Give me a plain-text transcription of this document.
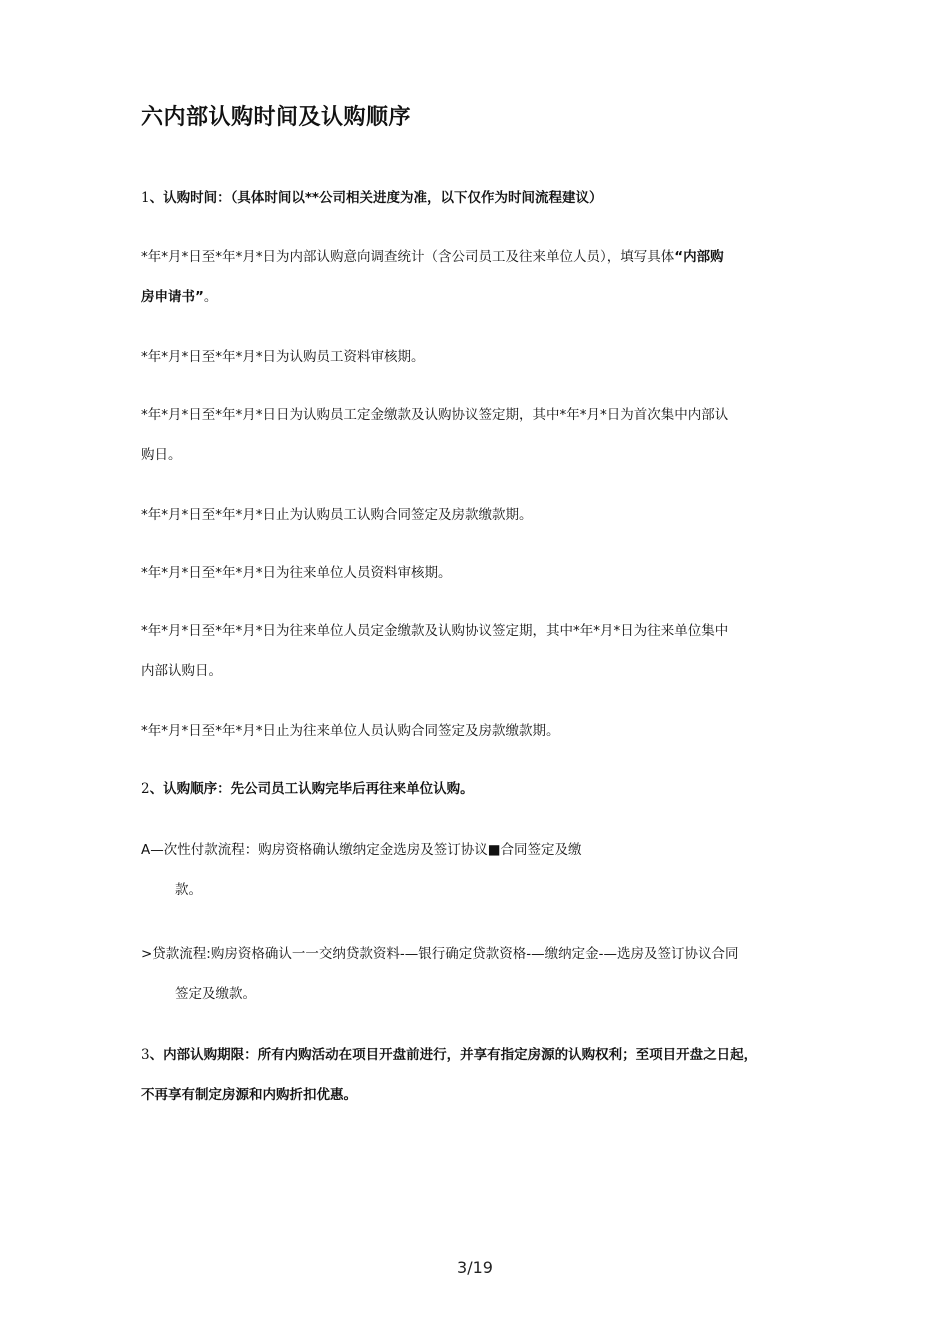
六内部认购时间及认购顺序
1、认购时间：（具体时间以**公司相关进度为准，以下仅作为时间流程建议）
*年*月*日至*年*月*日为内部认购意向调查统计（含公司员工及往来单位人员），填写具体“内部购
房申请书”。
*年*月*日至*年*月*日为认购员工资料审核期。
*年*月*日至*年*月*日日为认购员工定金缴款及认购协议签定期，其中*年*月*日为首次集中内部认
购日。
*年*月*日至*年*月*日止为认购员工认购合同签定及房款缴款期。
*年*月*日至*年*月*日为往来单位人员资料审核期。
*年*月*日至*年*月*日为往来单位人员定金缴款及认购协议签定期，其中*年*月*日为往来单位集中
内部认购日。
*年*月*日至*年*月*日止为往来单位人员认购合同签定及房款缴款期。
2、认购顺序：先公司员工认购完毕后再往来单位认购。
A—次性付款流程：购房资格确认缴纳定金选房及签订协议■合同签定及缴
款。
>贷款流程:购房资格确认一一交纳贷款资料-—银行确定贷款资格-—缴纳定金-—选房及签订协议合同
签定及缴款。
3、内部认购期限：所有内购活动在项目开盘前进行，并享有指定房源的认购权利；至项目开盘之日起，
不再享有制定房源和内购折扣优惠。
3/19
